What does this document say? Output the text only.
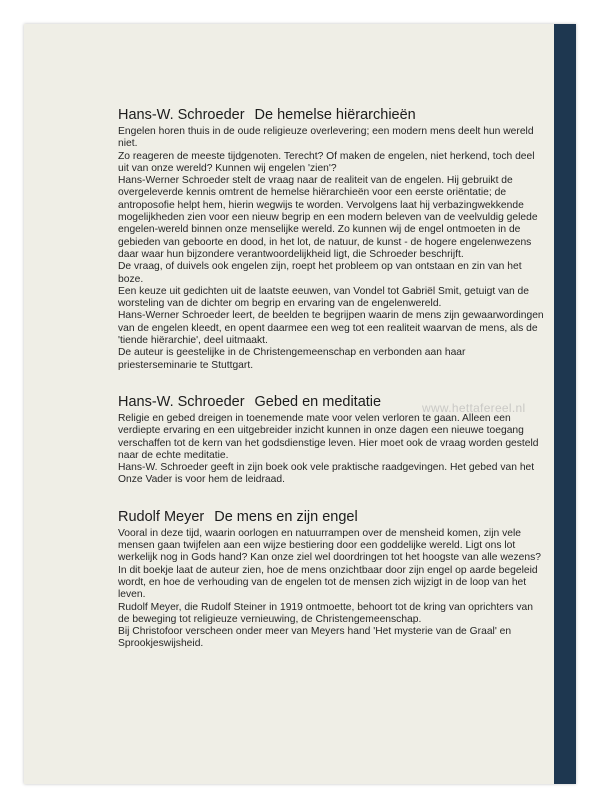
Hans-W. Schroeder De hemelse hiërarchieën

Engelen horen thuis in de oude religieuze overlevering; een modern mens deelt hun wereld niet.

Zo reageren de meeste tijdgenoten. Terecht? Of maken de engelen, niet herkend, toch deel uit van onze wereld? Kunnen wij engelen 'zien'?

Hans-Werner Schroeder stelt de vraag naar de realiteit van de engelen. Hij gebruikt de overgeleverde kennis omtrent de hemelse hiërarchieën voor een eerste oriëntatie; de antroposofie helpt hem, hierin wegwijs te worden. Vervolgens laat hij verbazingwekkende mogelijkheden zien voor een nieuw begrip en een modern beleven van de veelvuldig gelede engelen-wereld binnen onze menselijke wereld. Zo kunnen wij de engel ontmoeten in de gebieden van geboorte en dood, in het lot, de natuur, de kunst - de hogere engelenwezens daar waar hun bijzondere verantwoordelijkheid ligt, die Schroeder beschrijft.

De vraag, of duivels ook engelen zijn, roept het probleem op van ontstaan en zin van het boze.

Een keuze uit gedichten uit de laatste eeuwen, van Vondel tot Gabriël Smit, getuigt van de worsteling van de dichter om begrip en ervaring van de engelenwereld.

Hans-Werner Schroeder leert, de beelden te begrijpen waarin de mens zijn gewaarwordingen van de engelen kleedt, en opent daarmee een weg tot een realiteit waarvan de mens, als de 'tiende hiërarchie', deel uitmaakt.

De auteur is geestelijke in de Christengemeenschap en verbonden aan haar priesterseminarie te Stuttgart.

Hans-W. Schroeder Gebed en meditatie

Religie en gebed dreigen in toenemende mate voor velen verloren te gaan. Alleen een verdiepte ervaring en een uitgebreider inzicht kunnen in onze dagen een nieuwe toegang verschaffen tot de kern van het godsdienstige leven. Hier moet ook de vraag worden gesteld naar de echte meditatie.

Hans-W. Schroeder geeft in zijn boek ook vele praktische raadgevingen. Het gebed van het Onze Vader is voor hem de leidraad.

Rudolf Meyer De mens en zijn engel

Vooral in deze tijd, waarin oorlogen en natuurrampen over de mensheid komen, zijn vele mensen gaan twijfelen aan een wijze bestiering door een goddelijke wereld. Ligt ons lot werkelijk nog in Gods hand? Kan onze ziel wel doordringen tot het hoogste van alle wezens?

In dit boekje laat de auteur zien, hoe de mens onzichtbaar door zijn engel op aarde begeleid wordt, en hoe de verhouding van de engelen tot de mensen zich wijzigt in de loop van het leven.

Rudolf Meyer, die Rudolf Steiner in 1919 ontmoette, behoort tot de kring van oprichters van de beweging tot religieuze vernieuwing, de Christengemeenschap.

Bij Christofoor verscheen onder meer van Meyers hand 'Het mysterie van de Graal' en Sprookjeswijsheid.

www.hettafereel.nl
